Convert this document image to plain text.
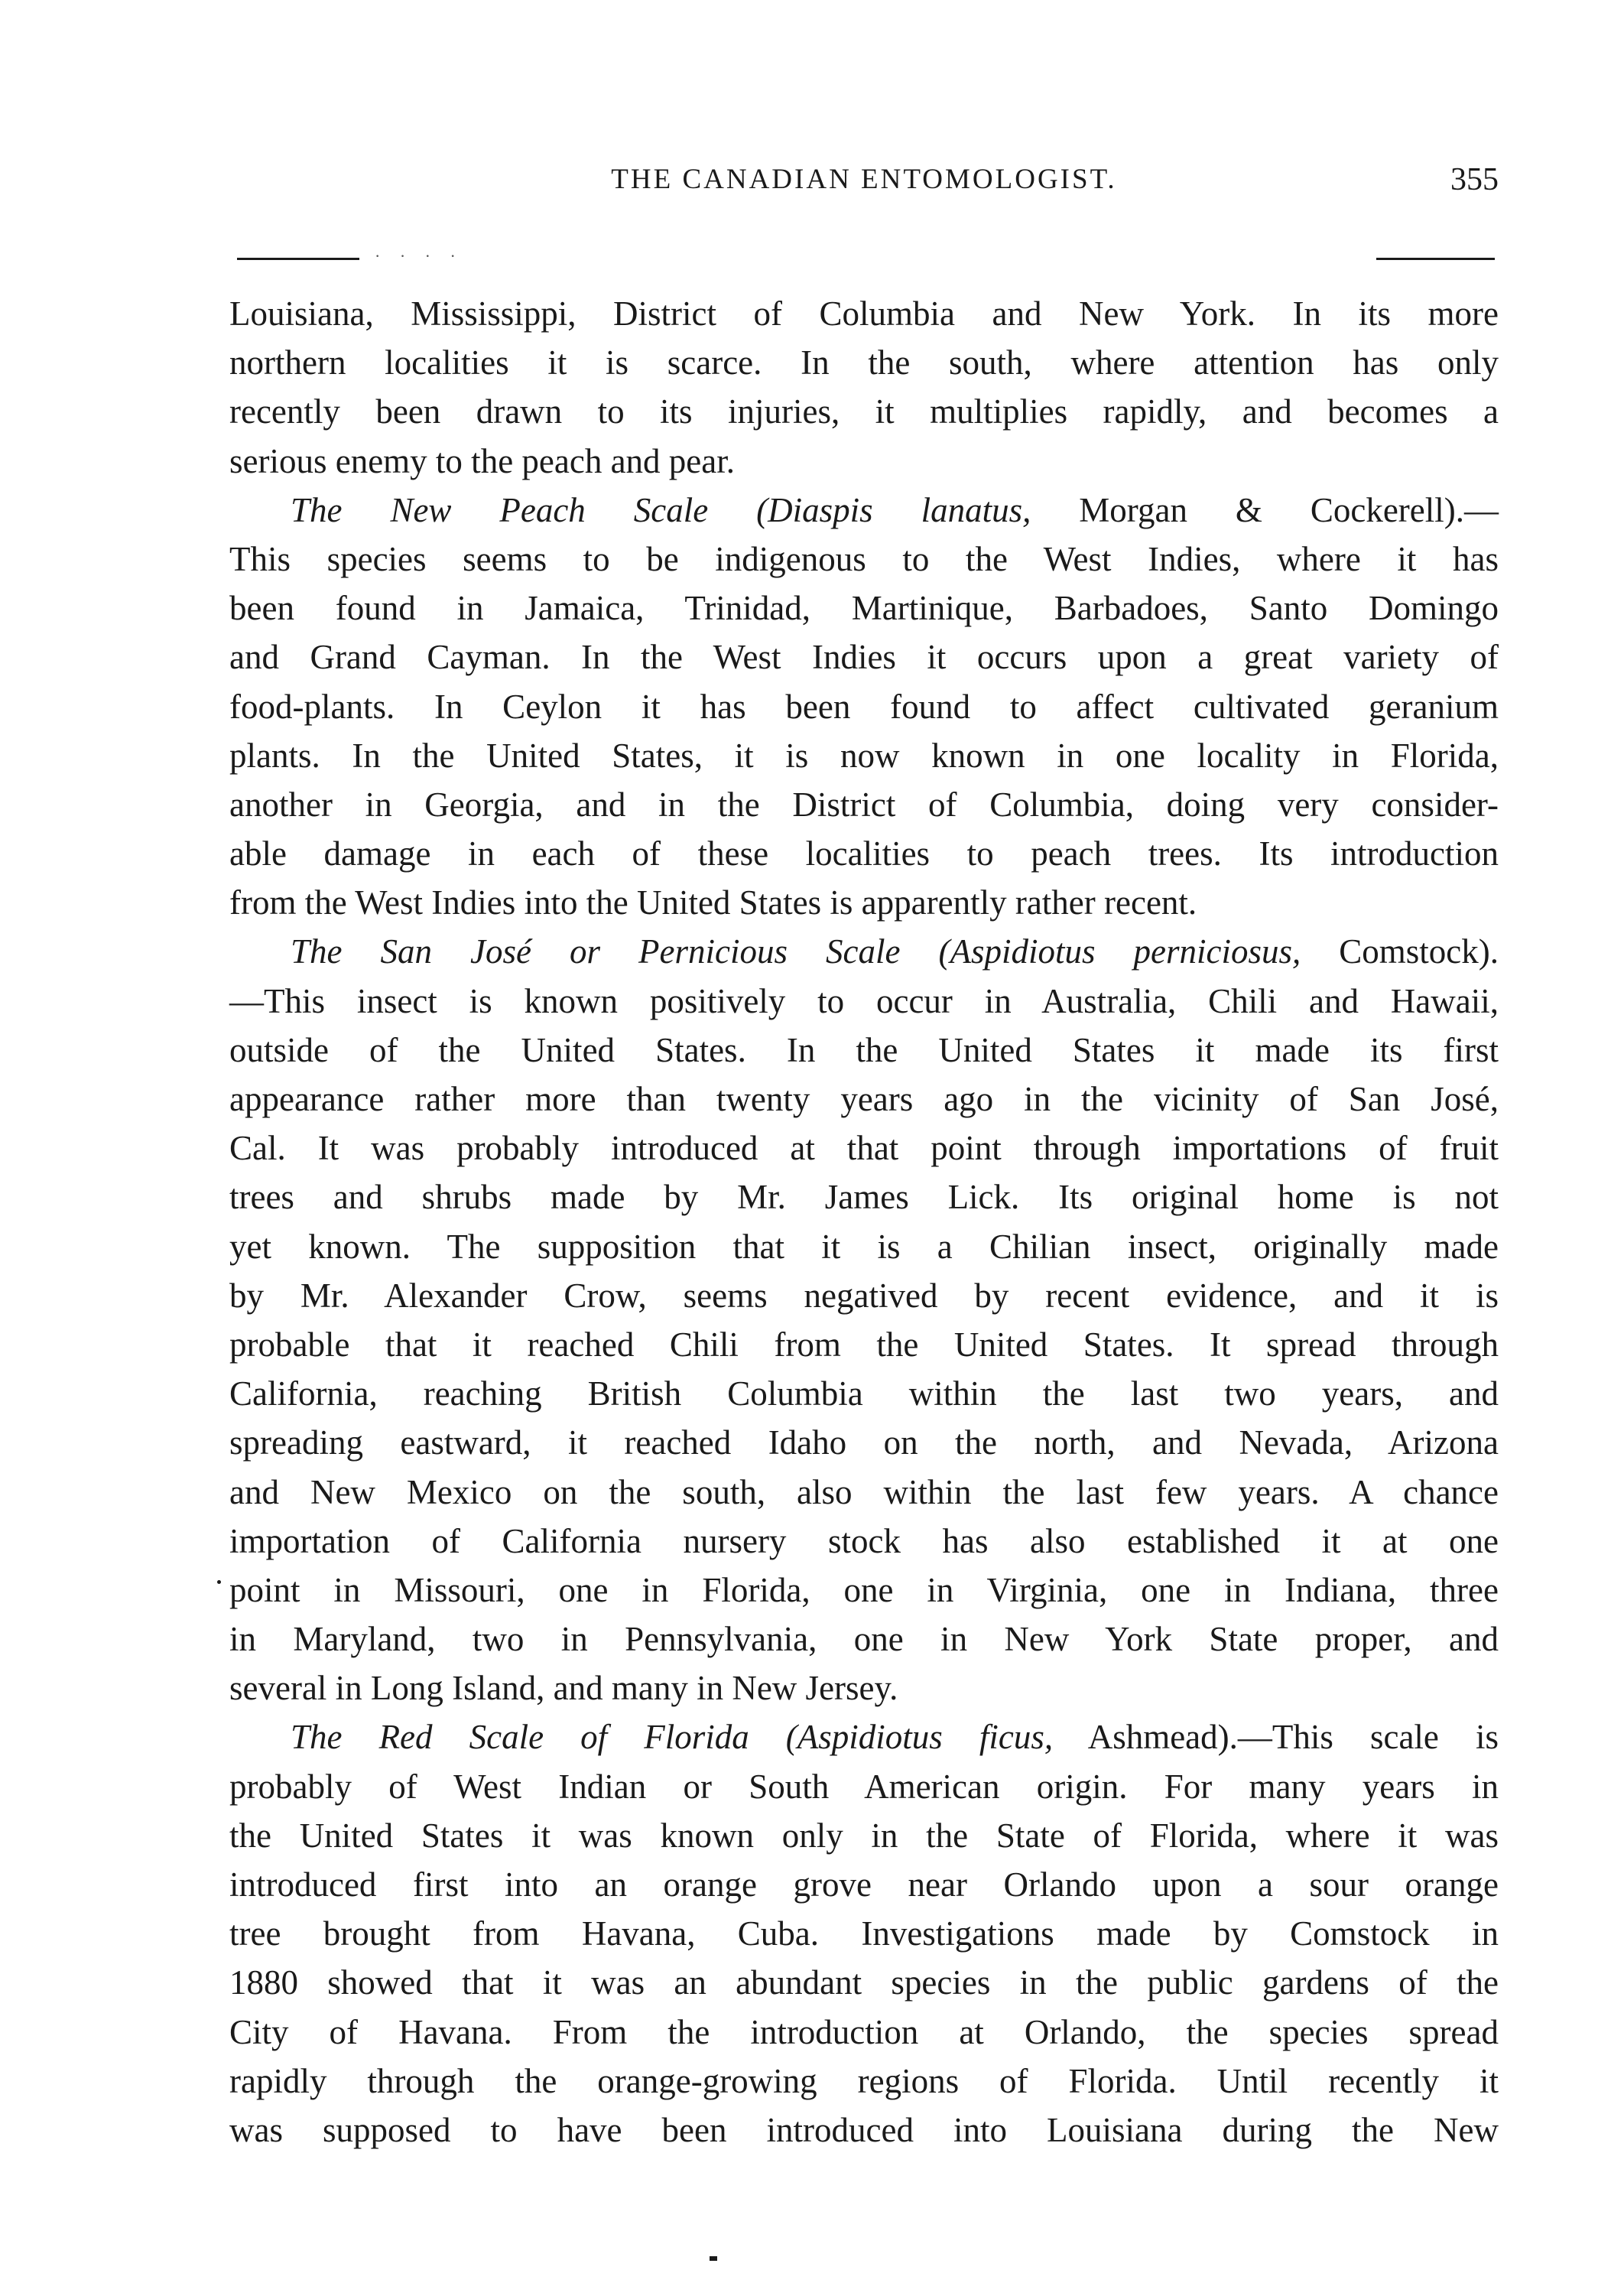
THE CANADIAN ENTOMOLOGIST.	355
· · · ·
Louisiana, Mississippi, District of Columbia and New York. In its more
northern localities it is scarce. In the south, where attention has only
recently been drawn to its injuries, it multiplies rapidly, and becomes a
serious enemy to the peach and pear.
The New Peach Scale (Diaspis lanatus, Morgan & Cockerell).—
This species seems to be indigenous to the West Indies, where it has
been found in Jamaica, Trinidad, Martinique, Barbadoes, Santo Domingo
and Grand Cayman. In the West Indies it occurs upon a great variety of
food-plants. In Ceylon it has been found to affect cultivated geranium
plants. In the United States, it is now known in one locality in Florida,
another in Georgia, and in the District of Columbia, doing very consider-
able damage in each of these localities to peach trees. Its introduction
from the West Indies into the United States is apparently rather recent.
The San José or Pernicious Scale (Aspidiotus perniciosus, Comstock).
—This insect is known positively to occur in Australia, Chili and Hawaii,
outside of the United States. In the United States it made its first
appearance rather more than twenty years ago in the vicinity of San José,
Cal. It was probably introduced at that point through importations of fruit
trees and shrubs made by Mr. James Lick. Its original home is not
yet known. The supposition that it is a Chilian insect, originally made
by Mr. Alexander Crow, seems negatived by recent evidence, and it is
probable that it reached Chili from the United States. It spread through
California, reaching British Columbia within the last two years, and
spreading eastward, it reached Idaho on the north, and Nevada, Arizona
and New Mexico on the south, also within the last few years. A chance
importation of California nursery stock has also established it at one
point in Missouri, one in Florida, one in Virginia, one in Indiana, three
in Maryland, two in Pennsylvania, one in New York State proper, and
several in Long Island, and many in New Jersey.
The Red Scale of Florida (Aspidiotus ficus, Ashmead).—This scale is
probably of West Indian or South American origin. For many years in
the United States it was known only in the State of Florida, where it was
introduced first into an orange grove near Orlando upon a sour orange
tree brought from Havana, Cuba. Investigations made by Comstock in
1880 showed that it was an abundant species in the public gardens of the
City of Havana. From the introduction at Orlando, the species spread
rapidly through the orange-growing regions of Florida. Until recently it
was supposed to have been introduced into Louisiana during the New
